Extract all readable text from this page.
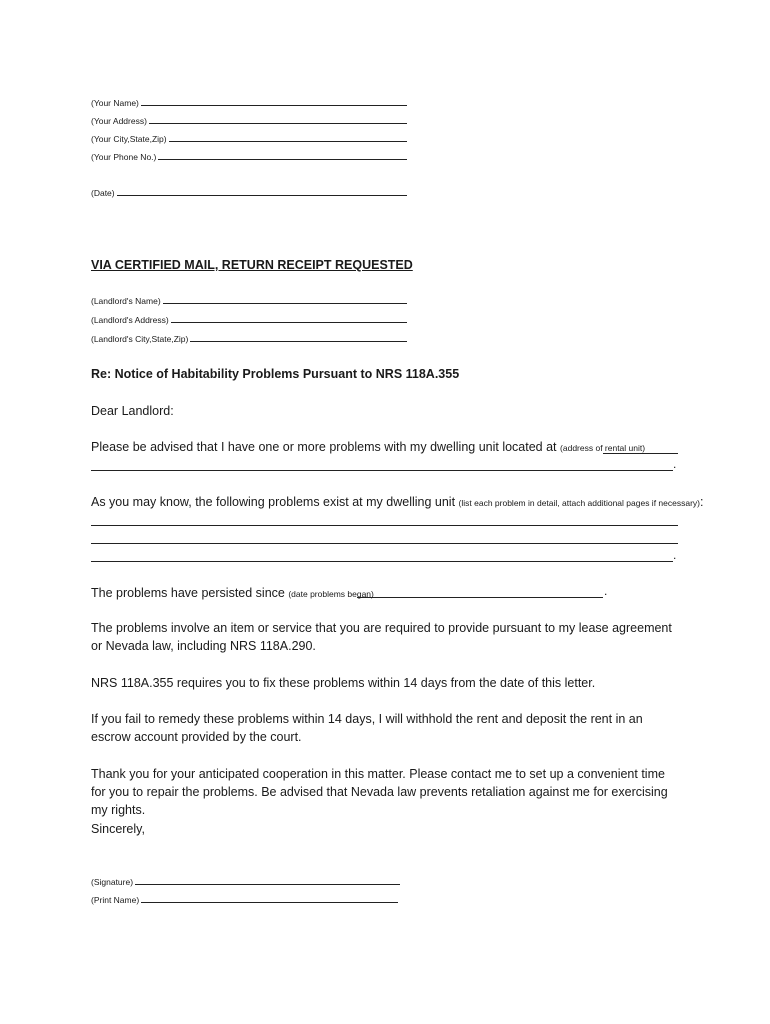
(Your Name)
(Your Address)
(Your City,State,Zip)
(Your Phone No.)
(Date)
VIA CERTIFIED MAIL, RETURN RECEIPT REQUESTED
(Landlord's Name)
(Landlord's Address)
(Landlord's City,State,Zip)
Re: Notice of Habitability Problems Pursuant to NRS 118A.355
Dear Landlord:
Please be advised that I have one or more problems with my dwelling unit located at (address of rental unit)
.
As you may know, the following problems exist at my dwelling unit (list each problem in detail, attach additional pages if necessary):
.
The problems have persisted since (date problems began)	.
The problems involve an item or service that you are required to provide pursuant to my lease agreement or Nevada law, including NRS 118A.290.
NRS 118A.355 requires you to fix these problems within 14 days from the date of this letter.
If you fail to remedy these problems within 14 days, I will withhold the rent and deposit the rent in an escrow account provided by the court.
Thank you for your anticipated cooperation in this matter. Please contact me to set up a convenient time for you to repair the problems. Be advised that Nevada law prevents retaliation against me for exercising my rights.
Sincerely,
(Signature)
(Print Name)
